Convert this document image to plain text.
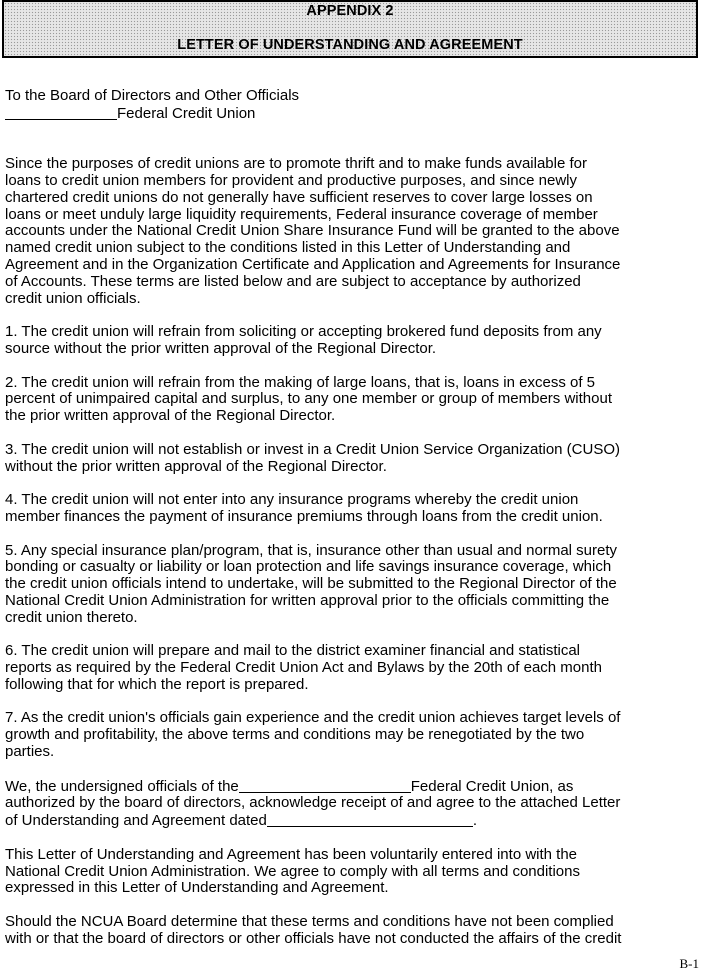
APPENDIX 2
LETTER OF UNDERSTANDING AND AGREEMENT

To the Board of Directors and Other Officials

Federal Credit Union

Since the purposes of credit unions are to promote thrift and to make funds available for

loans to credit union members for provident and productive purposes, and since newly

chartered credit unions do not generally have sufficient reserves to cover large losses on

loans or meet unduly large liquidity requirements, Federal insurance coverage of member

accounts under the National Credit Union Share Insurance Fund will be granted to the above

named credit union subject to the conditions listed in this Letter of Understanding and

Agreement and in the Organization Certificate and Application and Agreements for Insurance

of Accounts. These terms are listed below and are subject to acceptance by authorized

credit union officials.

1. The credit union will refrain from soliciting or accepting brokered fund deposits from any

source without the prior written approval of the Regional Director.

2. The credit union will refrain from the making of large loans, that is, loans in excess of 5

percent of unimpaired capital and surplus, to any one member or group of members without

the prior written approval of the Regional Director.

3. The credit union will not establish or invest in a Credit Union Service Organization (CUSO)

without the prior written approval of the Regional Director.

4. The credit union will not enter into any insurance programs whereby the credit union

member finances the payment of insurance premiums through loans from the credit union.

5. Any special insurance plan/program, that is, insurance other than usual and normal surety

bonding or casualty or liability or loan protection and life savings insurance coverage, which

the credit union officials intend to undertake, will be submitted to the Regional Director of the

National Credit Union Administration for written approval prior to the officials committing the

credit union thereto.

6. The credit union will prepare and mail to the district examiner financial and statistical

reports as required by the Federal Credit Union Act and Bylaws by the 20th of each month

following that for which the report is prepared.

7. As the credit union's officials gain experience and the credit union achieves target levels of

growth and profitability, the above terms and conditions may be renegotiated by the two

parties.

We, the undersigned officials of the	Federal Credit Union, as

authorized by the board of directors, acknowledge receipt of and agree to the attached Letter

of Understanding and Agreement dated	.

This Letter of Understanding and Agreement has been voluntarily entered into with the

National Credit Union Administration. We agree to comply with all terms and conditions

expressed in this Letter of Understanding and Agreement.

Should the NCUA Board determine that these terms and conditions have not been complied

with or that the board of directors or other officials have not conducted the affairs of the credit

B-1
